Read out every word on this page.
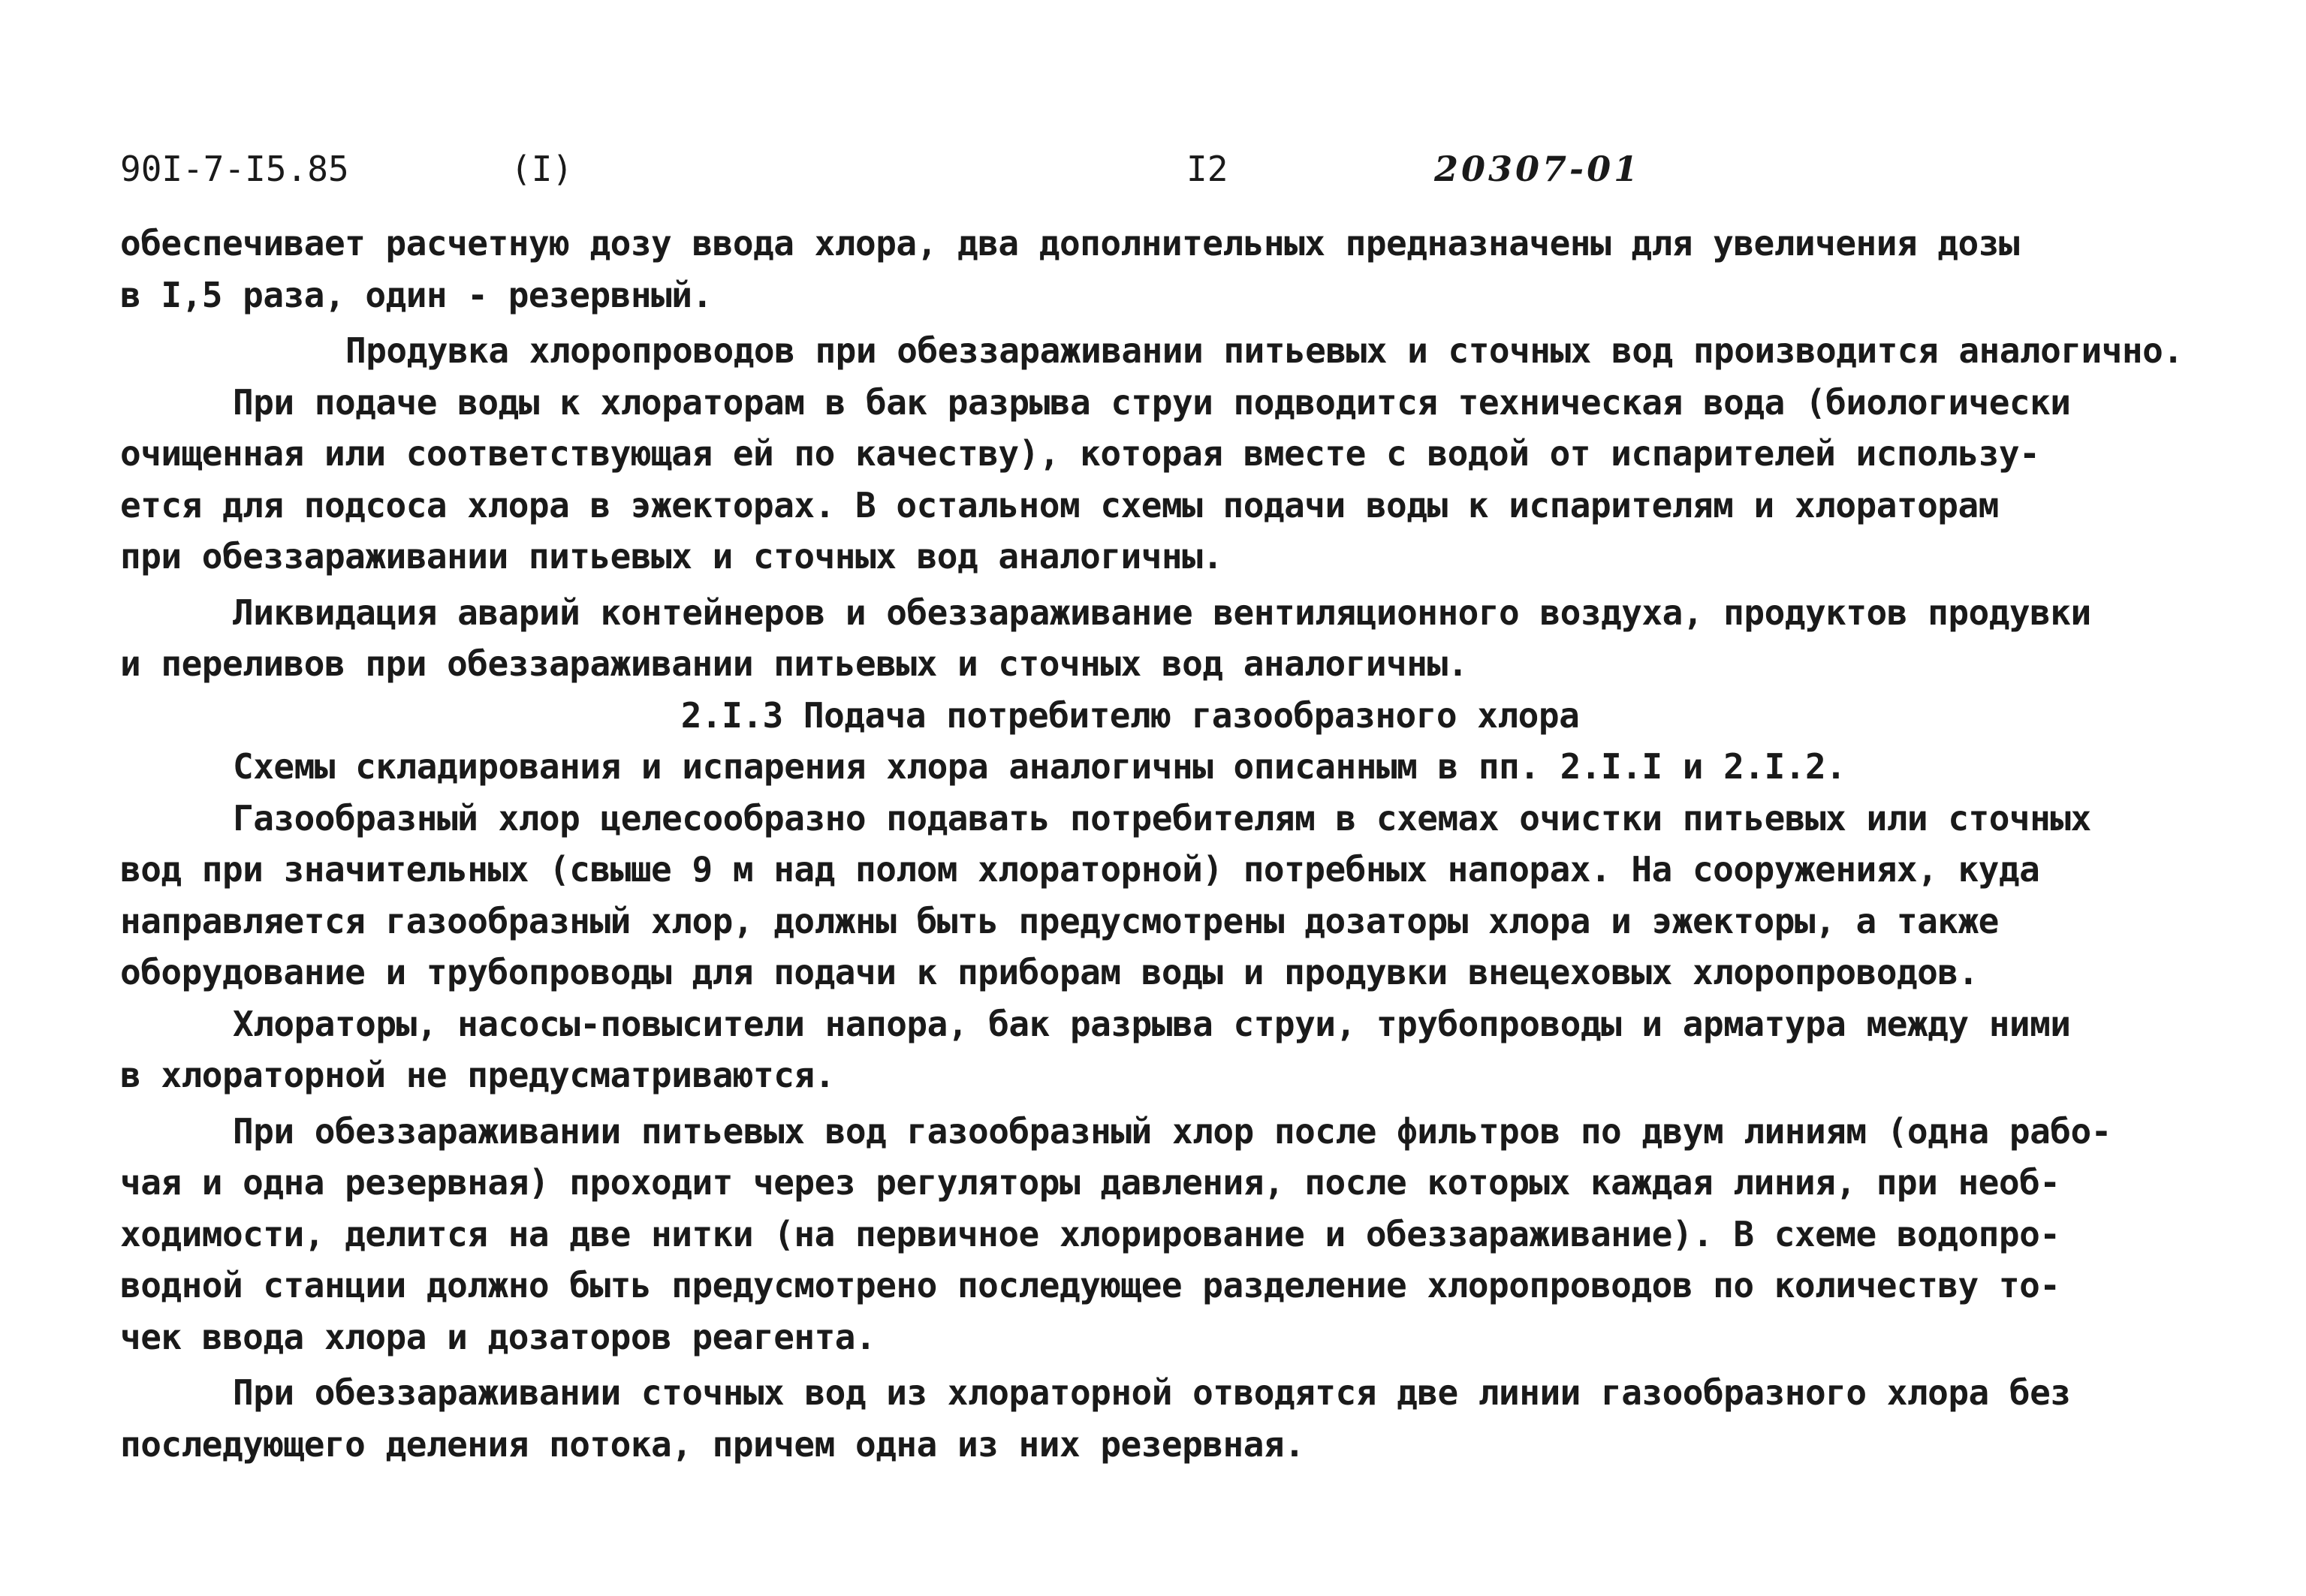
90I-7-I5.85	(I)	I2	20307-01

обеспечивает расчетную дозу ввода хлора, два дополнительных предназначены для увеличения дозы
в I,5 раза, один - резервный.

Продувка хлоропроводов при обеззараживании питьевых и сточных вод производится аналогично.

При подаче воды к хлораторам в бак разрыва струи подводится техническая вода (биологически
очищенная или соответствующая ей по качеству), которая вместе с водой от испарителей использу-
ется для подсоса хлора в эжекторах. В остальном схемы подачи воды к испарителям и хлораторам
при обеззараживании питьевых и сточных вод аналогичны.

Ликвидация аварий контейнеров и обеззараживание вентиляционного воздуха, продуктов продувки
и переливов при обеззараживании питьевых и сточных вод аналогичны.

2.I.3 Подача потребителю газообразного хлора

Схемы складирования и испарения хлора аналогичны описанным в пп. 2.I.I и 2.I.2.

Газообразный хлор целесообразно подавать потребителям в схемах очистки питьевых или сточных
вод при значительных (свыше 9 м над полом хлораторной) потребных напорах. На сооружениях, куда
направляется газообразный хлор, должны быть предусмотрены дозаторы хлора и эжекторы, а также
оборудование и трубопроводы для подачи к приборам воды и продувки внецеховых хлоропроводов.

Хлораторы, насосы-повысители напора, бак разрыва струи, трубопроводы и арматура между ними
в хлораторной не предусматриваются.

При обеззараживании питьевых вод газообразный хлор после фильтров по двум линиям (одна рабо-
чая и одна резервная) проходит через регуляторы давления, после которых каждая линия, при необ-
ходимости, делится на две нитки (на первичное хлорирование и обеззараживание). В схеме водопро-
водной станции должно быть предусмотрено последующее разделение хлоропроводов по количеству то-
чек ввода хлора и дозаторов реагента.

При обеззараживании сточных вод из хлораторной отводятся две линии газообразного хлора без
последующего деления потока, причем одна из них резервная.
